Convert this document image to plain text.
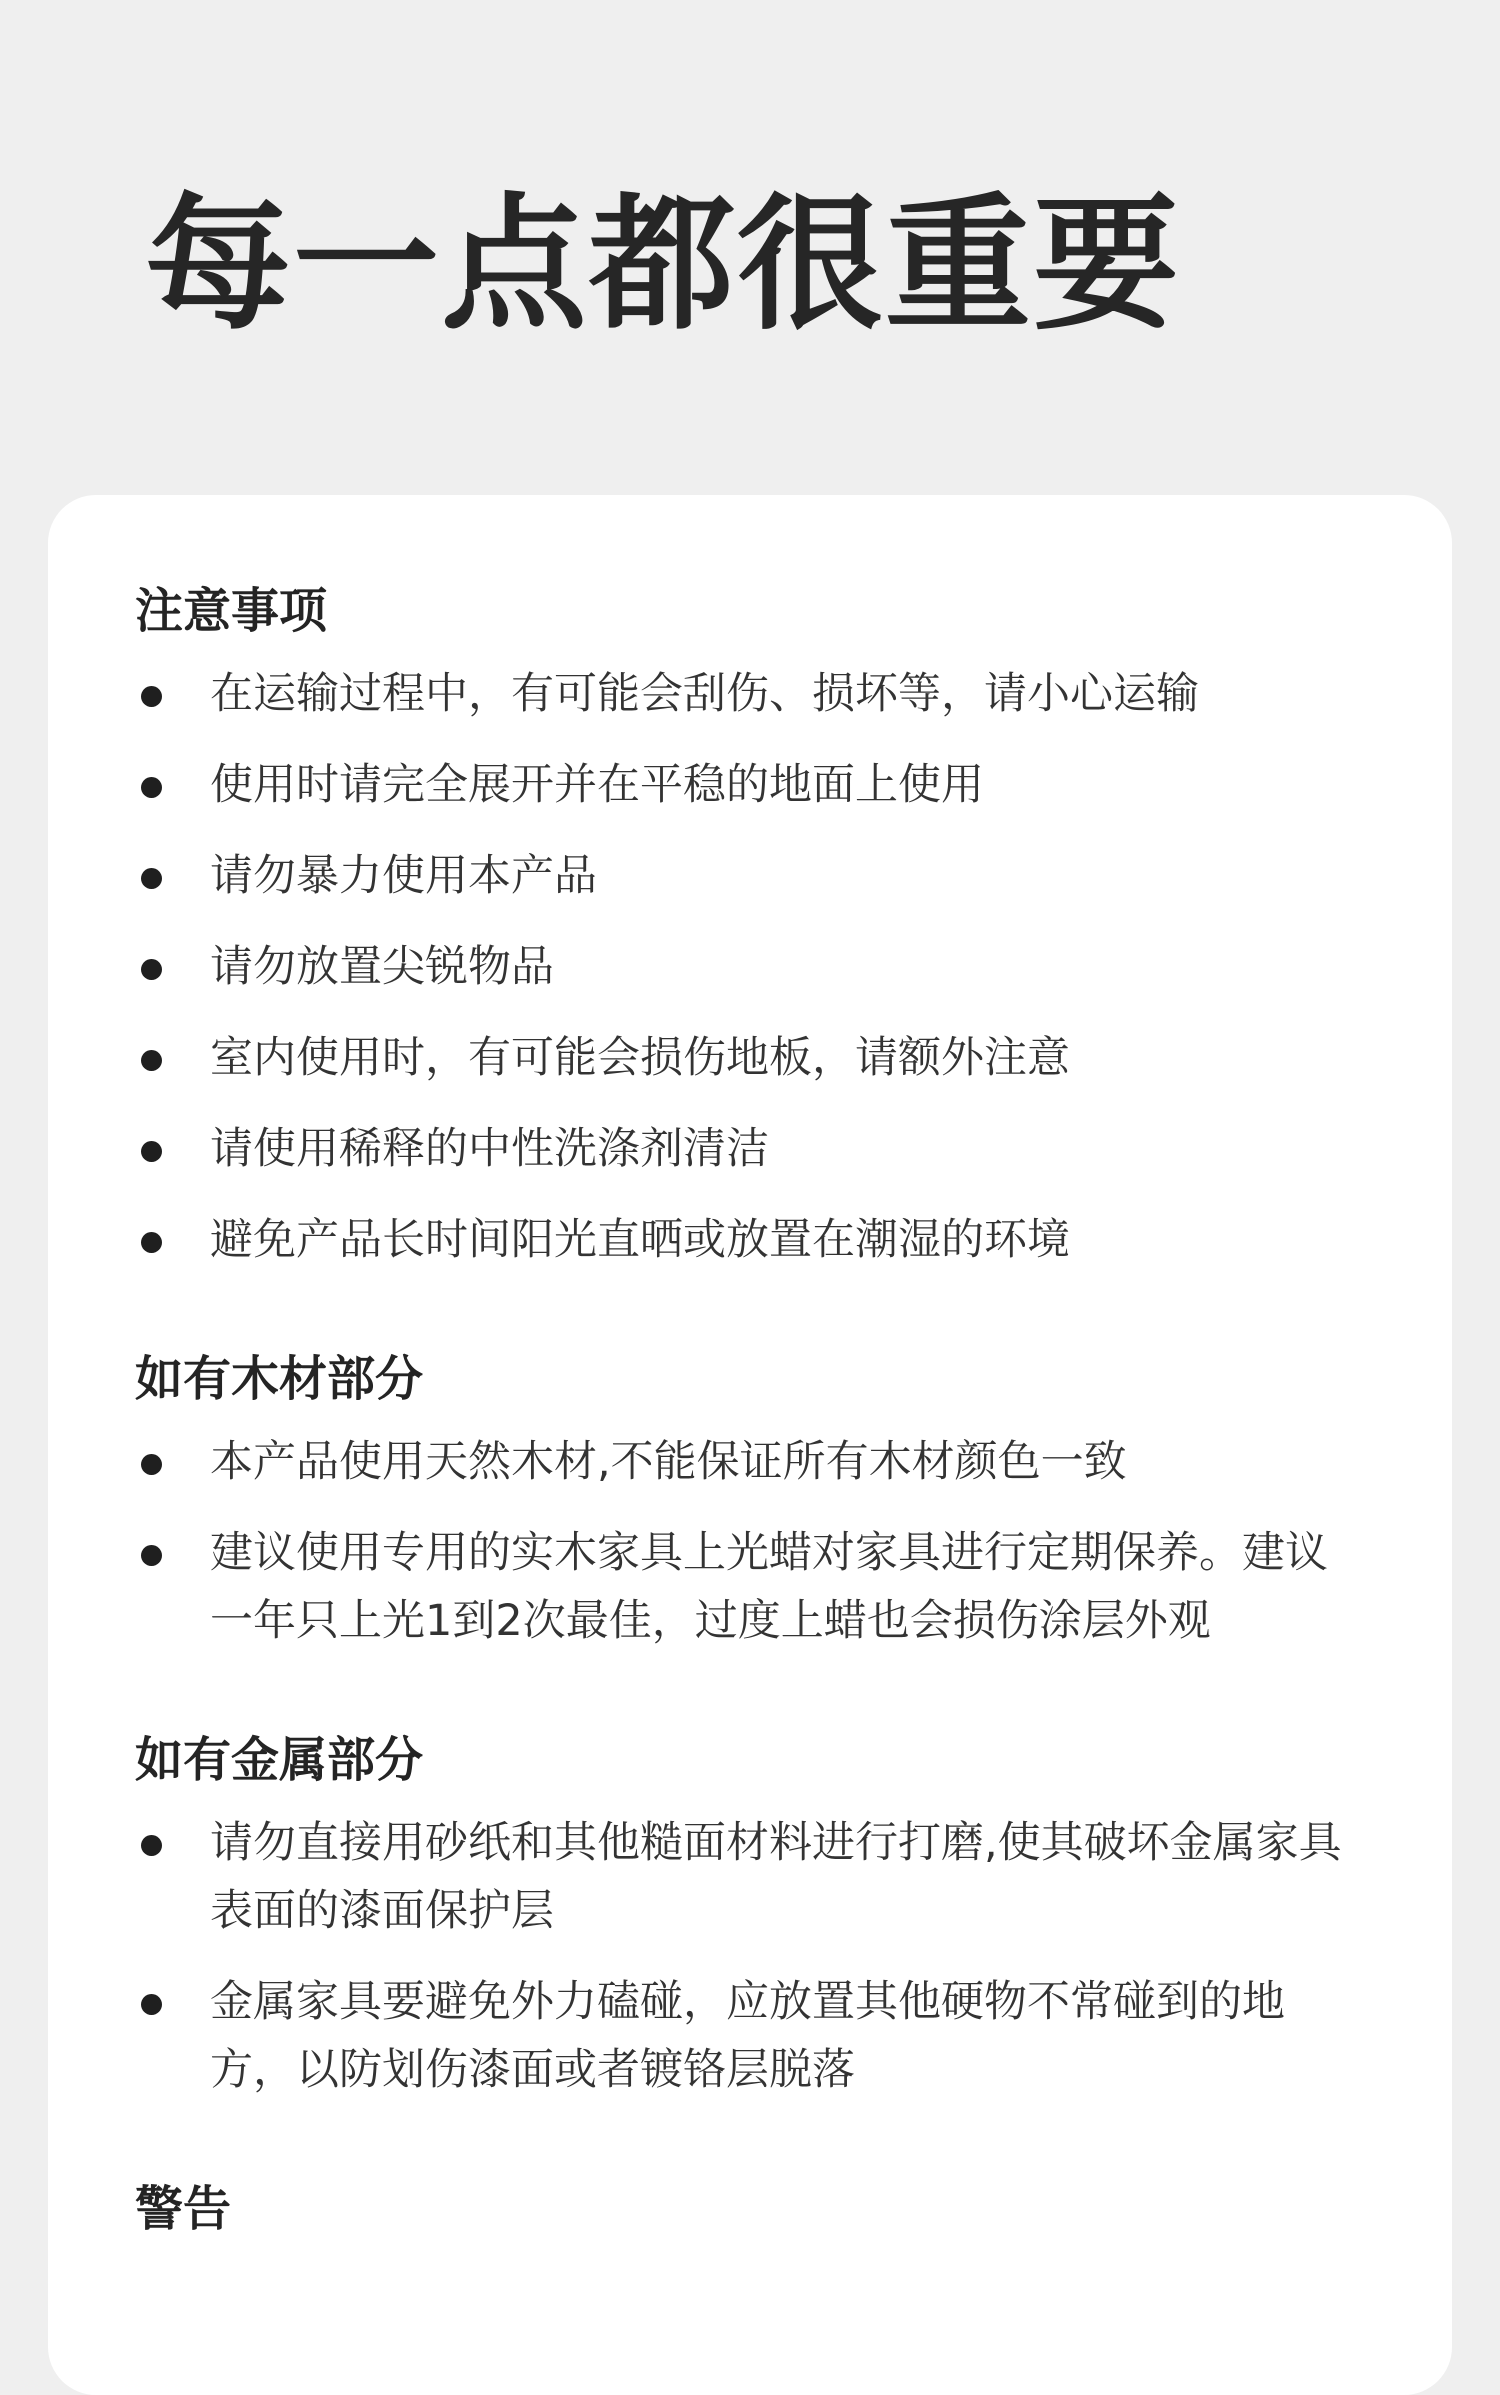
每一点都很重要
注意事项
在运输过程中，有可能会刮伤、损坏等，请小心运输
使用时请完全展开并在平稳的地面上使用
请勿暴力使用本产品
请勿放置尖锐物品
室内使用时，有可能会损伤地板，请额外注意
请使用稀释的中性洗涤剂清洁
避免产品长时间阳光直晒或放置在潮湿的环境
如有木材部分
本产品使用天然木材,不能保证所有木材颜色一致
建议使用专用的实木家具上光蜡对家具进行定期保养。建议一年只上光1到2次最佳，过度上蜡也会损伤涂层外观
如有金属部分
请勿直接用砂纸和其他糙面材料进行打磨,使其破坏金属家具表面的漆面保护层
金属家具要避免外力磕碰，应放置其他硬物不常碰到的地方，以防划伤漆面或者镀铬层脱落
警告
